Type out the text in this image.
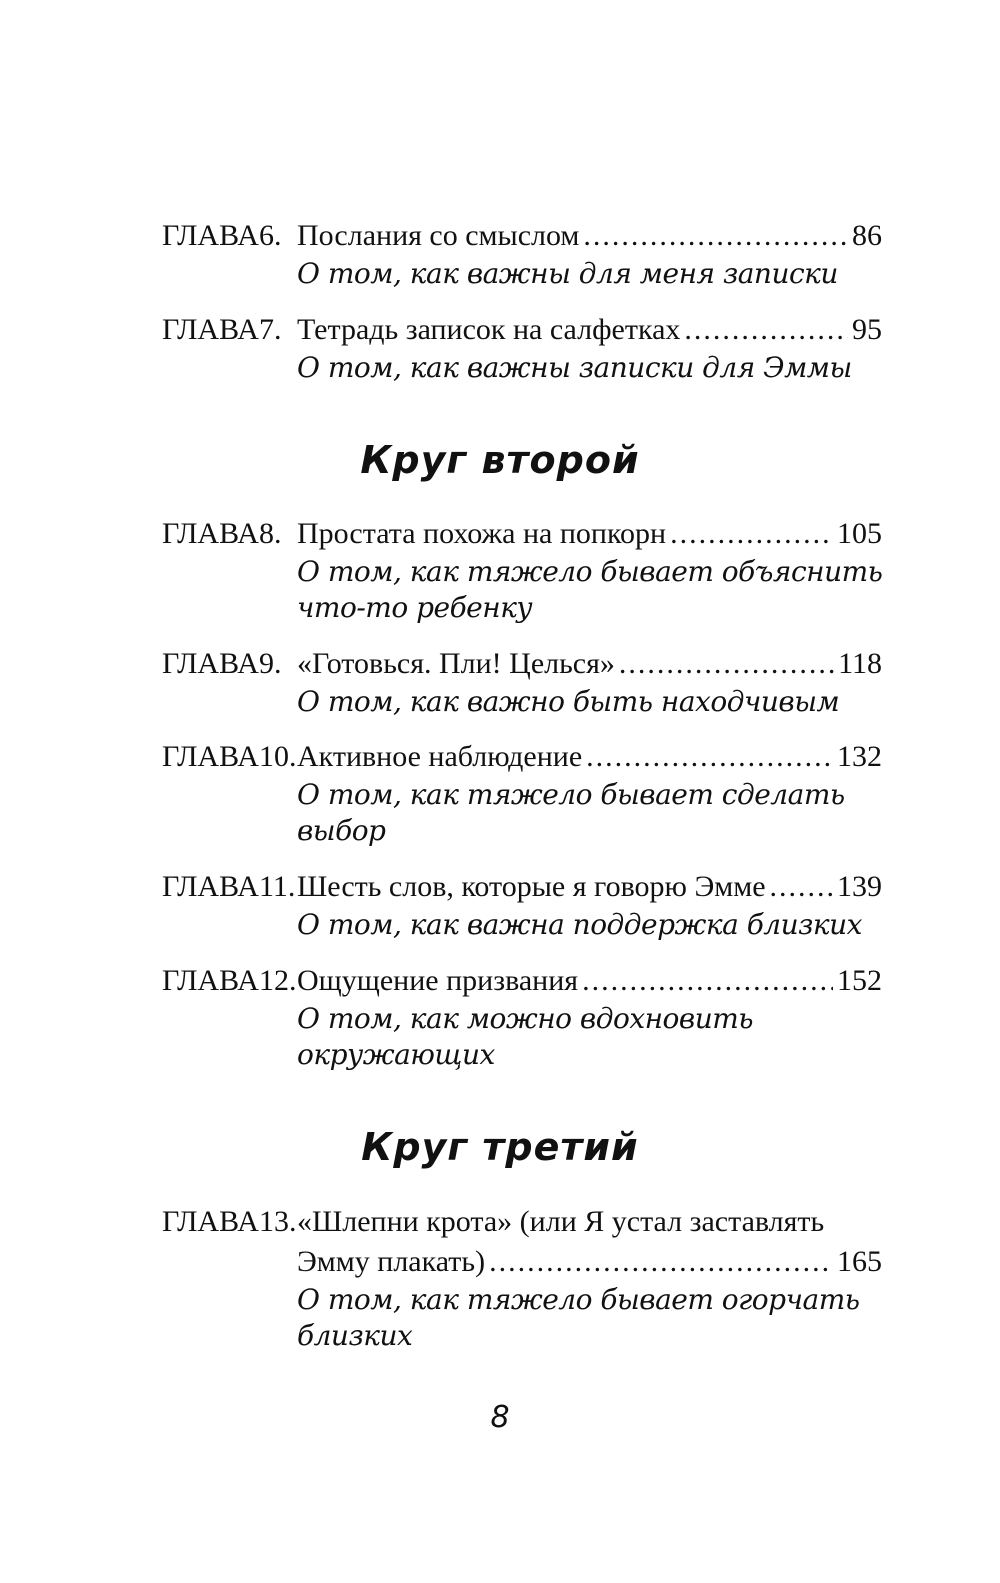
ГЛАВА 6. Послания со смыслом .....	86
О том, как важны для меня записки
ГЛАВА 7. Тетрадь записок на салфетках .....	95
О том, как важны записки для Эммы
Круг второй
ГЛАВА 8. Простата похожа на попкорн .....	105
О том, как тяжело бывает объяснить
что-то ребенку
ГЛАВА 9. «Готовься. Пли! Целься» .....	118
О том, как важно быть находчивым
ГЛАВА 10. Активное наблюдение .....	132
О том, как тяжело бывает сделать
выбор
ГЛАВА 11. Шесть слов, которые я говорю Эмме ..... 139
О том, как важна поддержка близких
ГЛАВА 12. Ощущение призвания .....	152
О том, как можно вдохновить
окружающих
Круг третий
ГЛАВА 13. «Шлепни крота» (или Я устал заставлять
Эмму плакать) .....	165
О том, как тяжело бывает огорчать
близких
8
